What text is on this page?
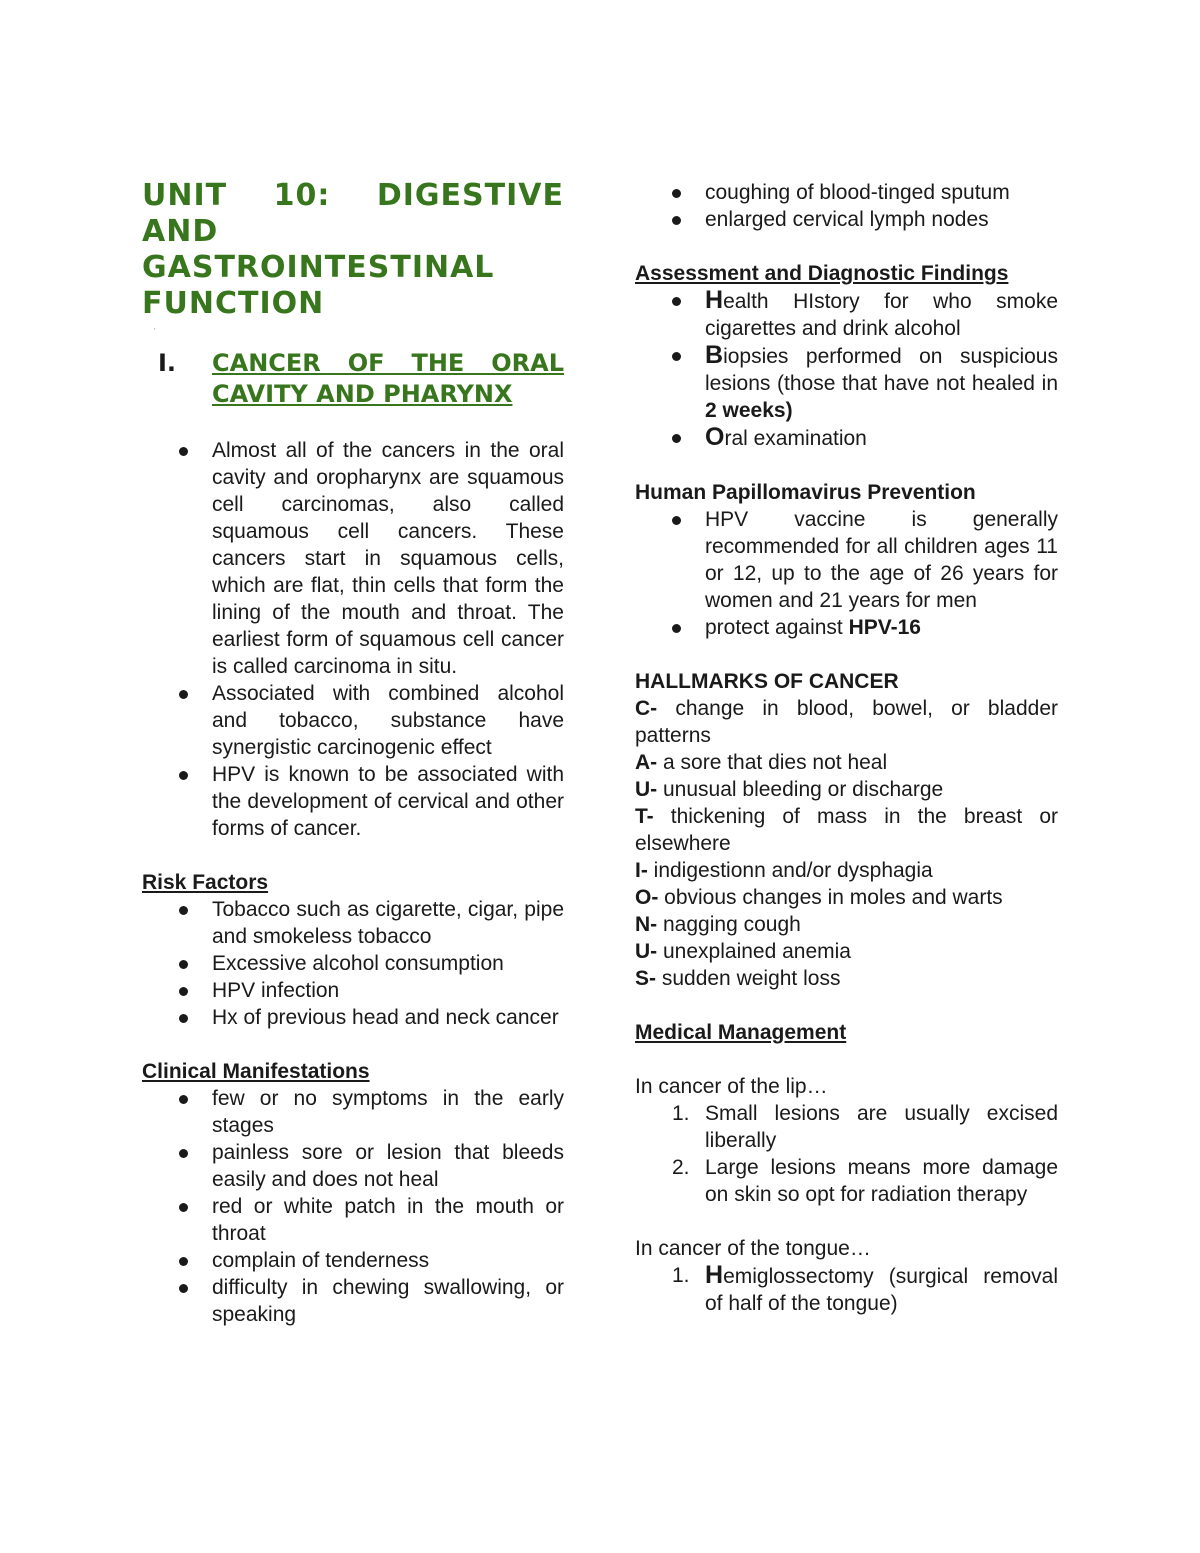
UNIT 10: DIGESTIVE
AND
GASTROINTESTINAL
FUNCTION
'
I.	CANCER OF THE ORAL CAVITY AND PHARYNX
Almost all of the cancers in the oral cavity and oropharynx are squamous cell carcinomas, also called squamous cell cancers. These cancers start in squamous cells, which are flat, thin cells that form the lining of the mouth and throat. The earliest form of squamous cell cancer is called carcinoma in situ.
Associated with combined alcohol and tobacco, substance have synergistic carcinogenic effect
HPV is known to be associated with the development of cervical and other forms of cancer.

Risk Factors

Tobacco such as cigarette, cigar, pipe and smokeless tobacco
Excessive alcohol consumption
HPV infection
Hx of previous head and neck cancer

Clinical Manifestations

few or no symptoms in the early stages
painless sore or lesion that bleeds easily and does not heal
red or white patch in the mouth or throat
complain of tenderness
difficulty in chewing swallowing, or speaking
coughing of blood-tinged sputum
enlarged cervical lymph nodes

Assessment and Diagnostic Findings

Health HIstory for who smoke cigarettes and drink alcohol
Biopsies performed on suspicious lesions (those that have not healed in 2 weeks)
Oral examination

Human Papillomavirus Prevention

HPV vaccine is generally recommended for all children ages 11 or 12, up to the age of 26 years for women and 21 years for men
protect against HPV-16

HALLMARKS OF CANCER

C- change in blood, bowel, or bladder patterns

A- a sore that dies not heal

U- unusual bleeding or discharge

T- thickening of mass in the breast or elsewhere

I- indigestionn and/or dysphagia

O- obvious changes in moles and warts

N- nagging cough

U- unexplained anemia

S- sudden weight loss

Medical Management

In cancer of the lip…

1. Small lesions are usually excised liberally
2. Large lesions means more damage on skin so opt for radiation therapy

In cancer of the tongue…

1. Hemiglossectomy (surgical removal of half of the tongue)
